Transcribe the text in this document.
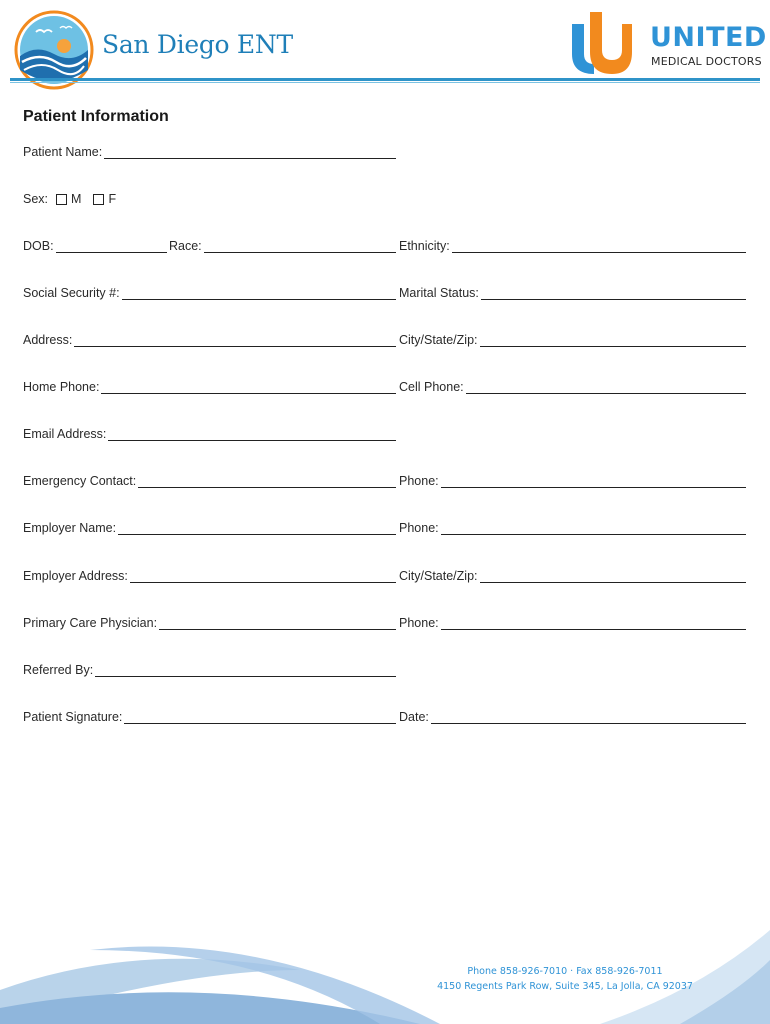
San Diego ENT	UNITED
MEDICAL DOCTORS
Patient Information
Patient Name:
Sex: M F
DOB:	Race:	Ethnicity:
Social Security #:	Marital Status:
Address:	City/State/Zip:
Home Phone:	Cell Phone:
Email Address:
Emergency Contact:	Phone:
Employer Name:	Phone:
Employer Address:	City/State/Zip:
Primary Care Physician:	Phone:
Referred By:
Patient Signature:	Date:
Phone 858-926-7010 · Fax 858-926-7011
4150 Regents Park Row, Suite 345, La Jolla, CA 92037
